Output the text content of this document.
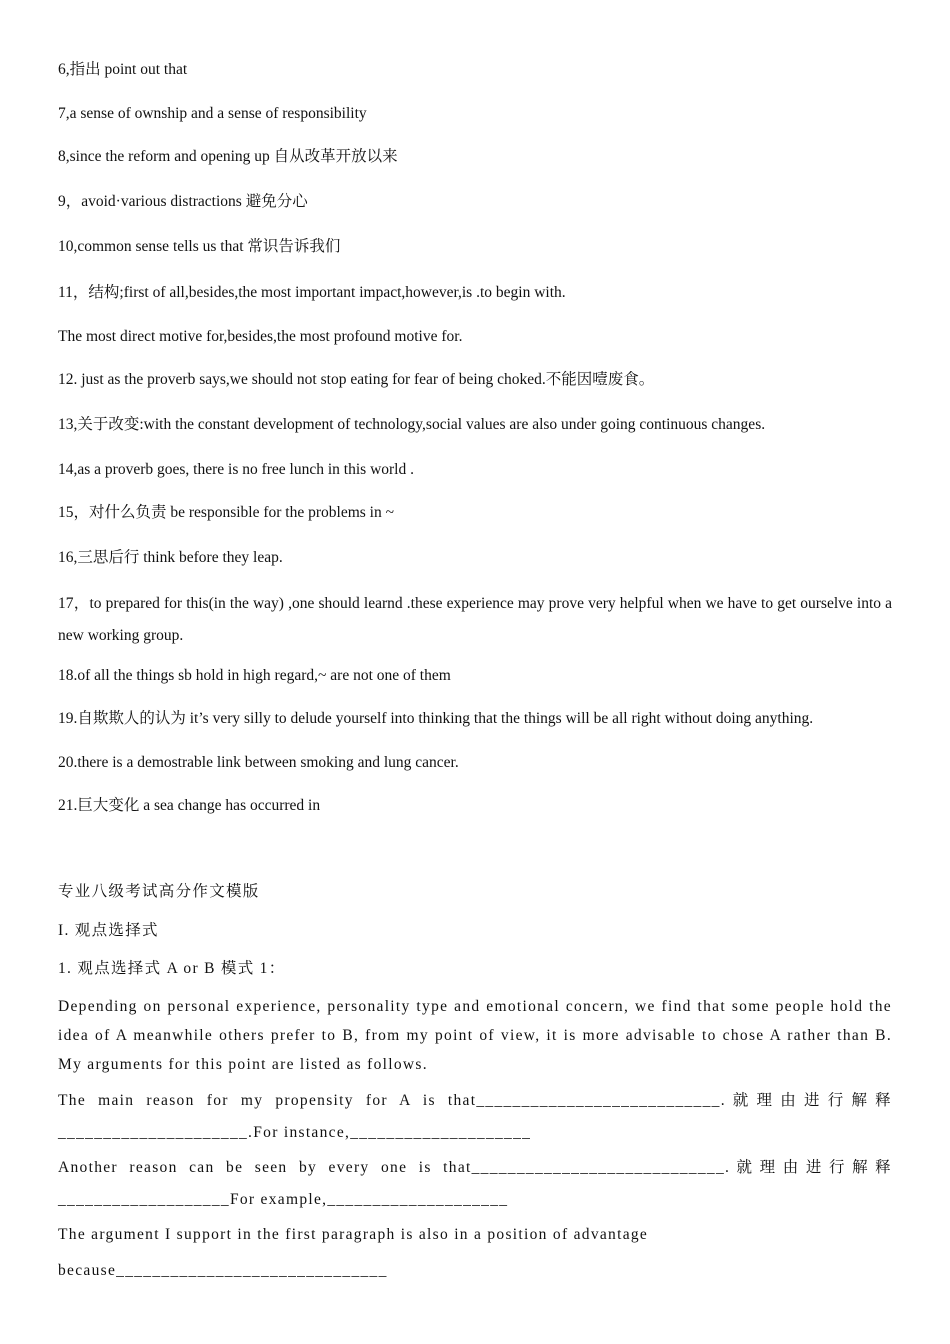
6,指出 point out that
7,a sense of ownship and a sense of responsibility
8,since the reform and opening up 自从改革开放以来
9，avoid·various distractions 避免分心
10,common sense tells us that 常识告诉我们
11，结构;first of all,besides,the most important impact,however,is .to begin with.
The most direct motive for,besides,the most profound motive for.
12. just as the proverb says,we should not stop eating for fear of being choked.不能因噎废食。
13,关于改变:with the constant development of technology,social values are also under going continuous changes.
14,as a proverb goes, there is no free lunch in this world .
15，对什么负责 be responsible for the problems in ~
16,三思后行 think before they leap.
17，to prepared for this(in the way) ,one should learnd .these experience may prove very helpful when we have to get ourselve into a new working group.
18.of all the things sb hold in high regard,~ are not one of them
19.自欺欺人的认为 it’s very silly to delude yourself into thinking that the things will be all right without doing anything.
20.there is a demostrable link between smoking and lung cancer.
21.巨大变化 a sea change has occurred in
专业八级考试高分作文模版
I. 观点选择式
1. 观点选择式 A or B 模式 1：
Depending on personal experience, personality type and emotional concern, we find that some people hold the idea of A meanwhile others prefer to B, from my point of view, it is more advisable to chose A rather than B. My arguments for this point are listed as follows.
The main reason for my propensity for A is that___________________________.就理由进行解释
_____________________.For instance,____________________
Another reason can be seen by every one is that____________________________.就理由进行解释
___________________For example,____________________
The argument I support in the first paragraph is also in a position of advantage
because______________________________
